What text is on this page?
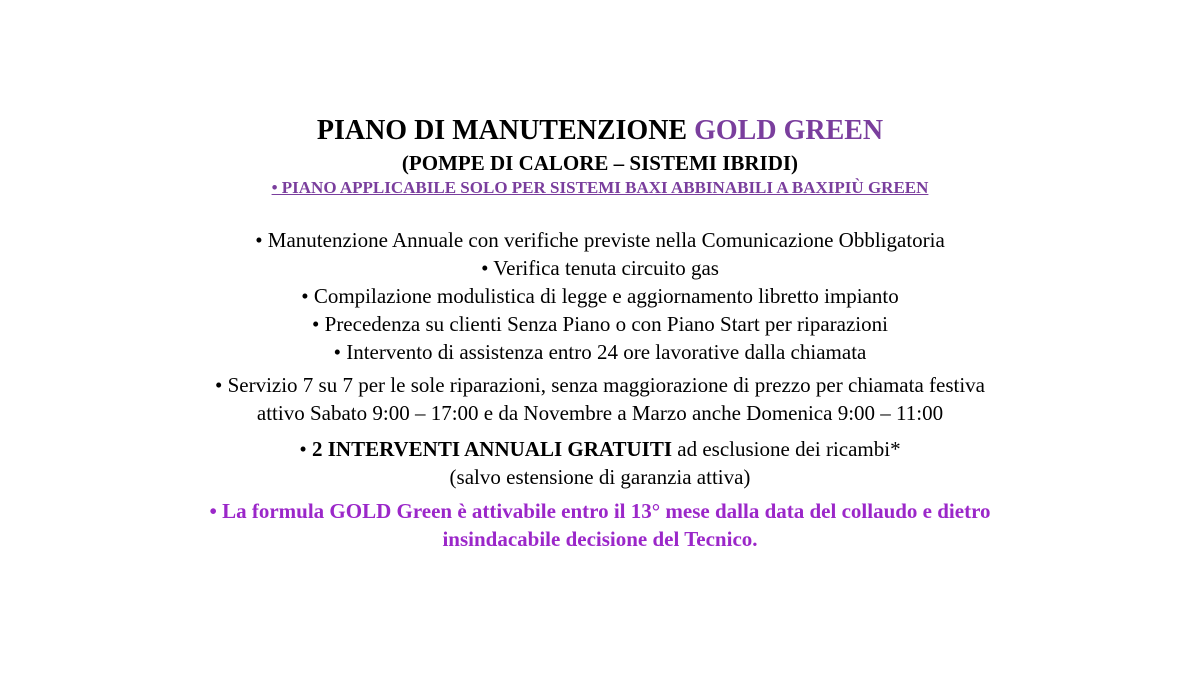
PIANO DI MANUTENZIONE GOLD GREEN
(POMPE DI CALORE – SISTEMI IBRIDI)
• PIANO APPLICABILE SOLO PER SISTEMI BAXI ABBINABILI A BAXIPIÙ GREEN
• Manutenzione Annuale con verifiche previste nella Comunicazione Obbligatoria
• Verifica tenuta circuito gas
• Compilazione modulistica di legge e aggiornamento libretto impianto
• Precedenza su clienti Senza Piano o con Piano Start per riparazioni
• Intervento di assistenza entro 24 ore lavorative dalla chiamata
• Servizio 7 su 7 per le sole riparazioni, senza maggiorazione di prezzo per chiamata festiva
attivo Sabato 9:00 – 17:00 e da Novembre a Marzo anche Domenica 9:00 – 11:00
• 2 INTERVENTI ANNUALI GRATUITI ad esclusione dei ricambi*
(salvo estensione di garanzia attiva)
• La formula GOLD Green è attivabile entro il 13° mese dalla data del collaudo e dietro
insindacabile decisione del Tecnico.
